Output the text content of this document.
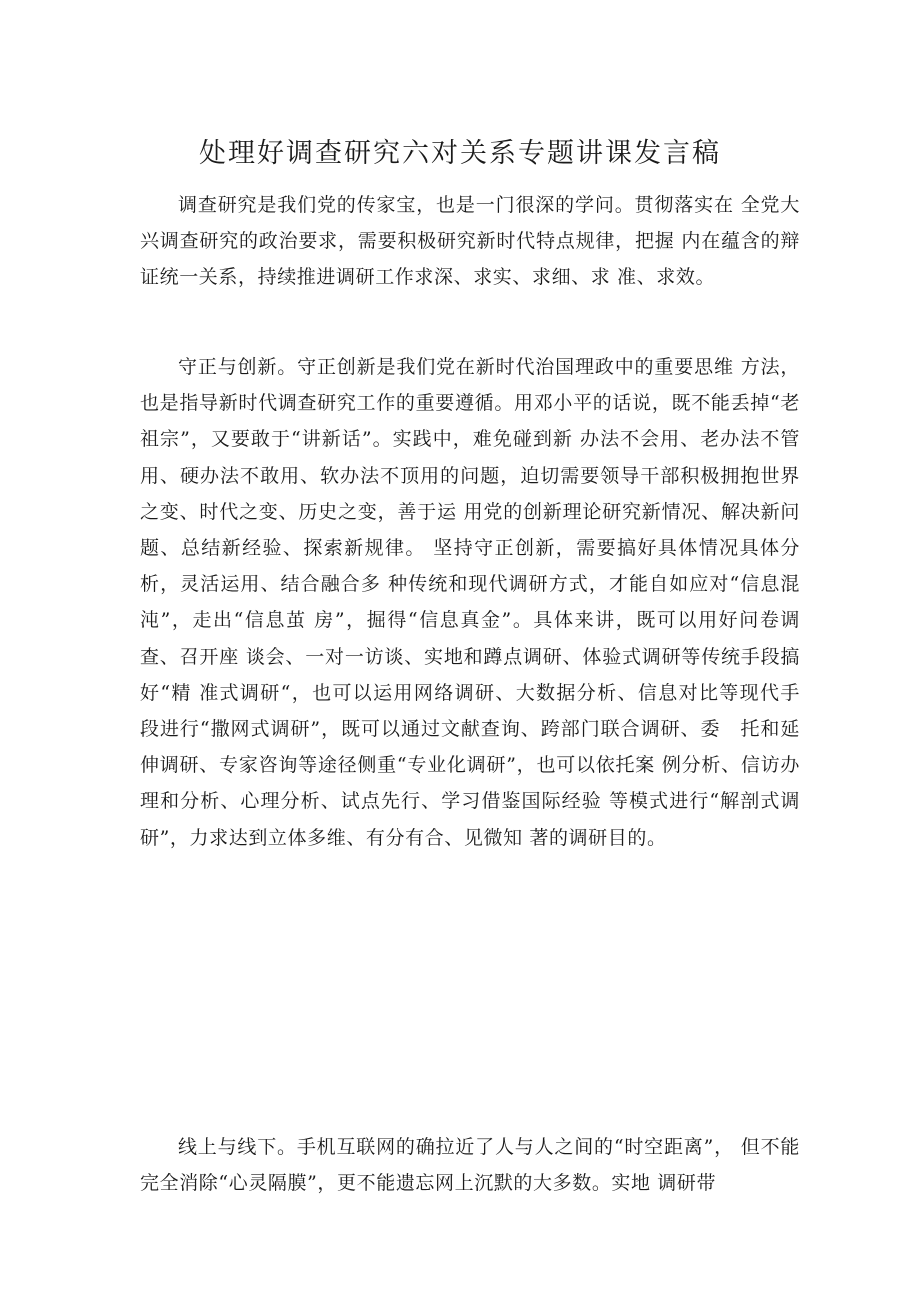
处理好调查研究六对关系专题讲课发言稿

调查研究是我们党的传家宝，也是一门很深的学问。贯彻落实在 全党大兴调查研究的政治要求，需要积极研究新时代特点规律，把握 内在蕴含的辩证统一关系，持续推进调研工作求深、求实、求细、求 准、求效。

守正与创新。守正创新是我们党在新时代治国理政中的重要思维 方法，也是指导新时代调查研究工作的重要遵循。用邓小平的话说，既不能丢掉“老祖宗”，又要敢于“讲新话”。实践中，难免碰到新 办法不会用、老办法不管用、硬办法不敢用、软办法不顶用的问题，迫切需要领导干部积极拥抱世界之变、时代之变、历史之变，善于运 用党的创新理论研究新情况、解决新问题、总结新经验、探索新规律。 坚持守正创新，需要搞好具体情况具体分析，灵活运用、结合融合多 种传统和现代调研方式，才能自如应对“信息混沌”，走出“信息茧 房”，掘得“信息真金”。具体来讲，既可以用好问卷调查、召开座 谈会、一对一访谈、实地和蹲点调研、体验式调研等传统手段搞好“精 准式调研“，也可以运用网络调研、大数据分析、信息对比等现代手 段进行“撒网式调研”，既可以通过文献查询、跨部门联合调研、委　托和延伸调研、专家咨询等途径侧重“专业化调研”，也可以依托案 例分析、信访办理和分析、心理分析、试点先行、学习借鉴国际经验 等模式进行“解剖式调研”，力求达到立体多维、有分有合、见微知 著的调研目的。

线上与线下。手机互联网的确拉近了人与人之间的“时空距离”， 但不能完全消除“心灵隔膜”，更不能遗忘网上沉默的大多数。实地 调研带
